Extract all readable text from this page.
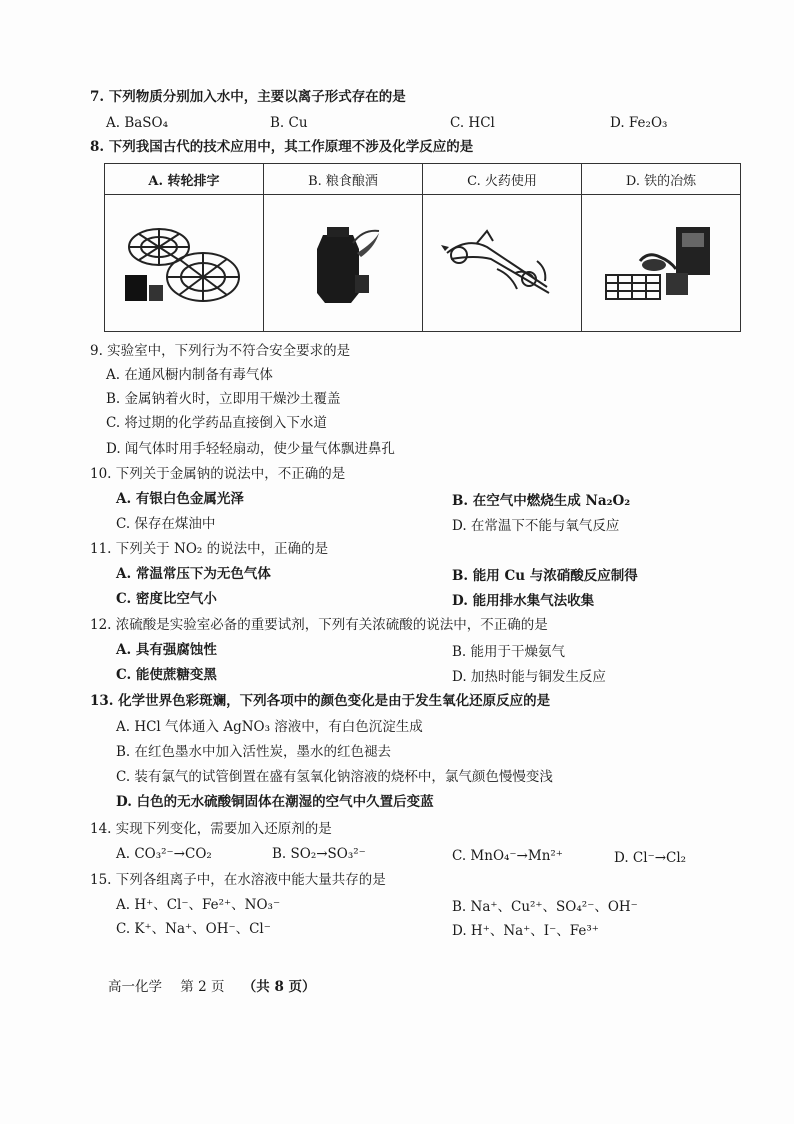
7. 下列物质分别加入水中，主要以离子形式存在的是
A. BaSO₄	B. Cu	C. HCl	D. Fe₂O₃
8. 下列我国古代的技术应用中，其工作原理不涉及化学反应的是
A. 转轮排字	B. 粮食酿酒	C. 火药使用	D. 铁的冶炼

9. 实验室中，下列行为不符合安全要求的是
A. 在通风橱内制备有毒气体
B. 金属钠着火时，立即用干燥沙土覆盖
C. 将过期的化学药品直接倒入下水道
D. 闻气体时用手轻轻扇动，使少量气体飘进鼻孔
10. 下列关于金属钠的说法中，不正确的是
A. 有银白色金属光泽	B. 在空气中燃烧生成 Na₂O₂
C. 保存在煤油中	D. 在常温下不能与氧气反应
11. 下列关于 NO₂ 的说法中，正确的是
A. 常温常压下为无色气体	B. 能用 Cu 与浓硝酸反应制得
C. 密度比空气小	D. 能用排水集气法收集
12. 浓硫酸是实验室必备的重要试剂，下列有关浓硫酸的说法中，不正确的是
A. 具有强腐蚀性	B. 能用于干燥氨气
C. 能使蔗糖变黑	D. 加热时能与铜发生反应
13. 化学世界色彩斑斓，下列各项中的颜色变化是由于发生氧化还原反应的是
A. HCl 气体通入 AgNO₃ 溶液中，有白色沉淀生成
B. 在红色墨水中加入活性炭，墨水的红色褪去
C. 装有氯气的试管倒置在盛有氢氧化钠溶液的烧杯中，氯气颜色慢慢变浅
D. 白色的无水硫酸铜固体在潮湿的空气中久置后变蓝
14. 实现下列变化，需要加入还原剂的是
A. CO₃²⁻→CO₂	B. SO₂→SO₃²⁻	C. MnO₄⁻→Mn²⁺	D. Cl⁻→Cl₂
15. 下列各组离子中，在水溶液中能大量共存的是
A. H⁺、Cl⁻、Fe²⁺、NO₃⁻	B. Na⁺、Cu²⁺、SO₄²⁻、OH⁻
C. K⁺、Na⁺、OH⁻、Cl⁻	D. H⁺、Na⁺、I⁻、Fe³⁺
高一化学 第 2 页 （共 8 页）
